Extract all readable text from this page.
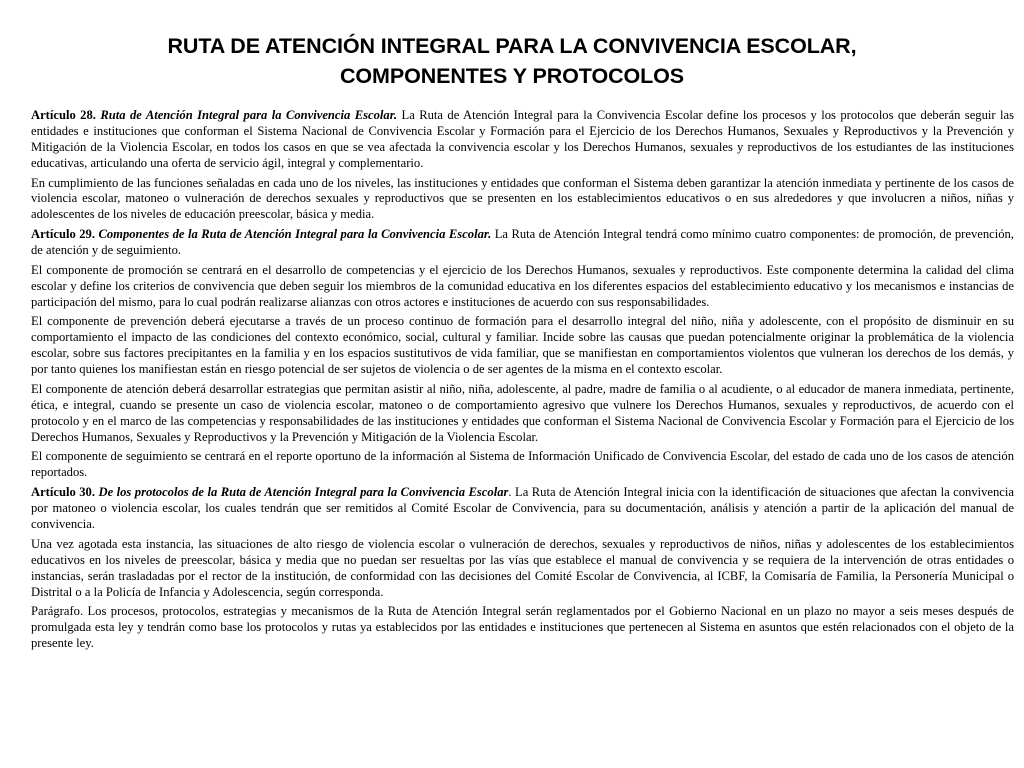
RUTA DE ATENCIÓN INTEGRAL PARA LA CONVIVENCIA ESCOLAR,
COMPONENTES Y PROTOCOLOS

Artículo 28. Ruta de Atención Integral para la Convivencia Escolar. La Ruta de Atención Integral para la Convivencia Escolar define los procesos y los protocolos que deberán seguir las entidades e instituciones que conforman el Sistema Nacional de Convivencia Escolar y Formación para el Ejercicio de los Derechos Humanos, Sexuales y Reproductivos y la Prevención y Mitigación de la Violencia Escolar, en todos los casos en que se vea afectada la convivencia escolar y los Derechos Humanos, sexuales y reproductivos de los estudiantes de las instituciones educativas, articulando una oferta de servicio ágil, integral y complementario.

En cumplimiento de las funciones señaladas en cada uno de los niveles, las instituciones y entidades que conforman el Sistema deben garantizar la atención inmediata y pertinente de los casos de violencia escolar, matoneo o vulneración de derechos sexuales y reproductivos que se presenten en los establecimientos educativos o en sus alrededores y que involucren a niños, niñas y adolescentes de los niveles de educación preescolar, básica y media.

Artículo 29. Componentes de la Ruta de Atención Integral para la Convivencia Escolar. La Ruta de Atención Integral tendrá como mínimo cuatro componentes: de promoción, de prevención, de atención y de seguimiento.

El componente de promoción se centrará en el desarrollo de competencias y el ejercicio de los Derechos Humanos, sexuales y reproductivos. Este componente determina la calidad del clima escolar y define los criterios de convivencia que deben seguir los miembros de la comunidad educativa en los diferentes espacios del establecimiento educativo y los mecanismos e instancias de participación del mismo, para lo cual podrán realizarse alianzas con otros actores e instituciones de acuerdo con sus responsabilidades.

El componente de prevención deberá ejecutarse a través de un proceso continuo de formación para el desarrollo integral del niño, niña y adolescente, con el propósito de disminuir en su comportamiento el impacto de las condiciones del contexto económico, social, cultural y familiar. Incide sobre las causas que puedan potencialmente originar la problemática de la violencia escolar, sobre sus factores precipitantes en la familia y en los espacios sustitutivos de vida familiar, que se manifiestan en comportamientos violentos que vulneran los derechos de los demás, y por tanto quienes los manifiestan están en riesgo potencial de ser sujetos de violencia o de ser agentes de la misma en el contexto escolar.

El componente de atención deberá desarrollar estrategias que permitan asistir al niño, niña, adolescente, al padre, madre de familia o al acudiente, o al educador de manera inmediata, pertinente, ética, e integral, cuando se presente un caso de violencia escolar, matoneo o de comportamiento agresivo que vulnere los Derechos Humanos, sexuales y reproductivos, de acuerdo con el protocolo y en el marco de las competencias y responsabilidades de las instituciones y entidades que conforman el Sistema Nacional de Convivencia Escolar y Formación para el Ejercicio de los Derechos Humanos, Sexuales y Reproductivos y la Prevención y Mitigación de la Violencia Escolar.

El componente de seguimiento se centrará en el reporte oportuno de la información al Sistema de Información Unificado de Convivencia Escolar, del estado de cada uno de los casos de atención reportados.

Artículo 30. De los protocolos de la Ruta de Atención Integral para la Convivencia Escolar. La Ruta de Atención Integral inicia con la identificación de situaciones que afectan la convivencia por matoneo o violencia escolar, los cuales tendrán que ser remitidos al Comité Escolar de Convivencia, para su documentación, análisis y atención a partir de la aplicación del manual de convivencia.

Una vez agotada esta instancia, las situaciones de alto riesgo de violencia escolar o vulneración de derechos, sexuales y reproductivos de niños, niñas y adolescentes de los establecimientos educativos en los niveles de preescolar, básica y media que no puedan ser resueltas por las vías que establece el manual de convivencia y se requiera de la intervención de otras entidades o instancias, serán trasladadas por el rector de la institución, de conformidad con las decisiones del Comité Escolar de Convivencia, al ICBF, la Comisaría de Familia, la Personería Municipal o Distrital o a la Policía de Infancia y Adolescencia, según corresponda.

Parágrafo. Los procesos, protocolos, estrategias y mecanismos de la Ruta de Atención Integral serán reglamentados por el Gobierno Nacional en un plazo no mayor a seis meses después de promulgada esta ley y tendrán como base los protocolos y rutas ya establecidos por las entidades e instituciones que pertenecen al Sistema en asuntos que estén relacionados con el objeto de la presente ley.
